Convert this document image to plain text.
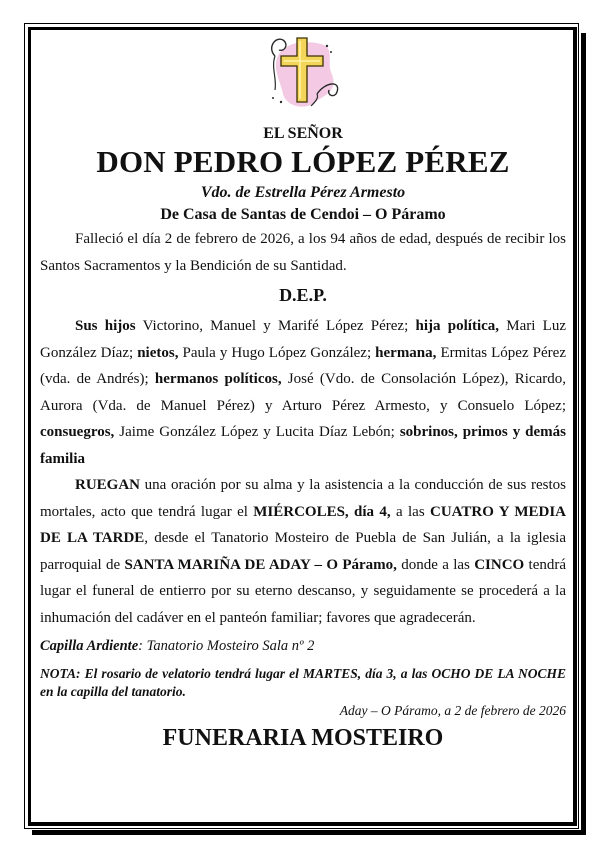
EL SEÑOR
DON PEDRO LÓPEZ PÉREZ
Vdo. de Estrella Pérez Armesto
De Casa de Santas de Cendoi – O Páramo

Falleció el día 2 de febrero de 2026, a los 94 años de edad, después de recibir los Santos Sacramentos y la Bendición de su Santidad.

D.E.P.

Sus hijos Victorino, Manuel y Marifé López Pérez; hija política, Mari Luz González Díaz; nietos, Paula y Hugo López González; hermana, Ermitas López Pérez (vda. de Andrés); hermanos políticos, José (Vdo. de Consolación López), Ricardo, Aurora (Vda. de Manuel Pérez) y Arturo Pérez Armesto, y Consuelo López; consuegros, Jaime González López y Lucita Díaz Lebón; sobrinos, primos y demás familia

RUEGAN una oración por su alma y la asistencia a la conducción de sus restos mortales, acto que tendrá lugar el MIÉRCOLES, día 4, a las CUATRO Y MEDIA DE LA TARDE, desde el Tanatorio Mosteiro de Puebla de San Julián, a la iglesia parroquial de SANTA MARIÑA DE ADAY – O Páramo, donde a las CINCO tendrá lugar el funeral de entierro por su eterno descanso, y seguidamente se procederá a la inhumación del cadáver en el panteón familiar; favores que agradecerán.

Capilla Ardiente: Tanatorio Mosteiro Sala nº 2

NOTA: El rosario de velatorio tendrá lugar el MARTES, día 3, a las OCHO DE LA NOCHE en la capilla del tanatorio.

Aday – O Páramo, a 2 de febrero de 2026
FUNERARIA MOSTEIRO
